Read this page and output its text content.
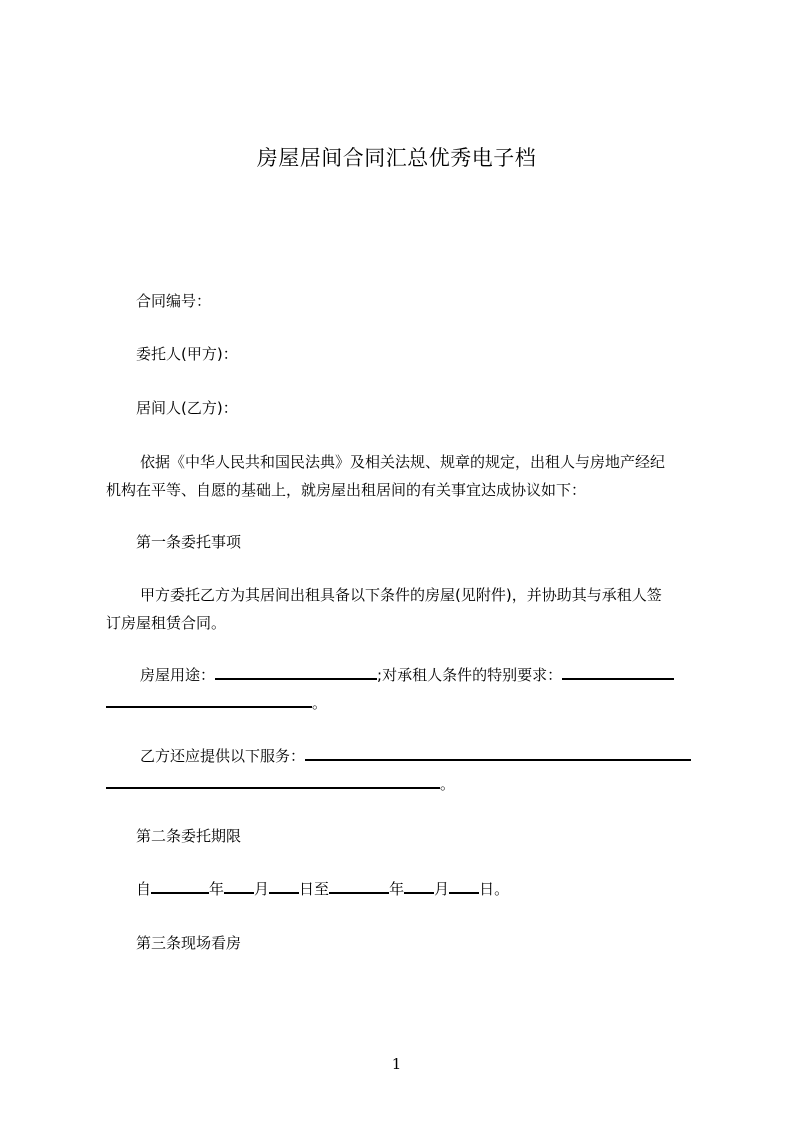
房屋居间合同汇总优秀电子档
合同编号：
委托人(甲方)：
居间人(乙方)：
依据《中华人民共和国民法典》及相关法规、规章的规定，出租人与房地产经纪
机构在平等、自愿的基础上，就房屋出租居间的有关事宜达成协议如下：
第一条委托事项
甲方委托乙方为其居间出租具备以下条件的房屋(见附件)，并协助其与承租人签
订房屋租赁合同。
房屋用途：	;对承租人条件的特别要求：
。
乙方还应提供以下服务：
。
第二条委托期限
自	年 月 日至	年 月 日。
第三条现场看房
1
